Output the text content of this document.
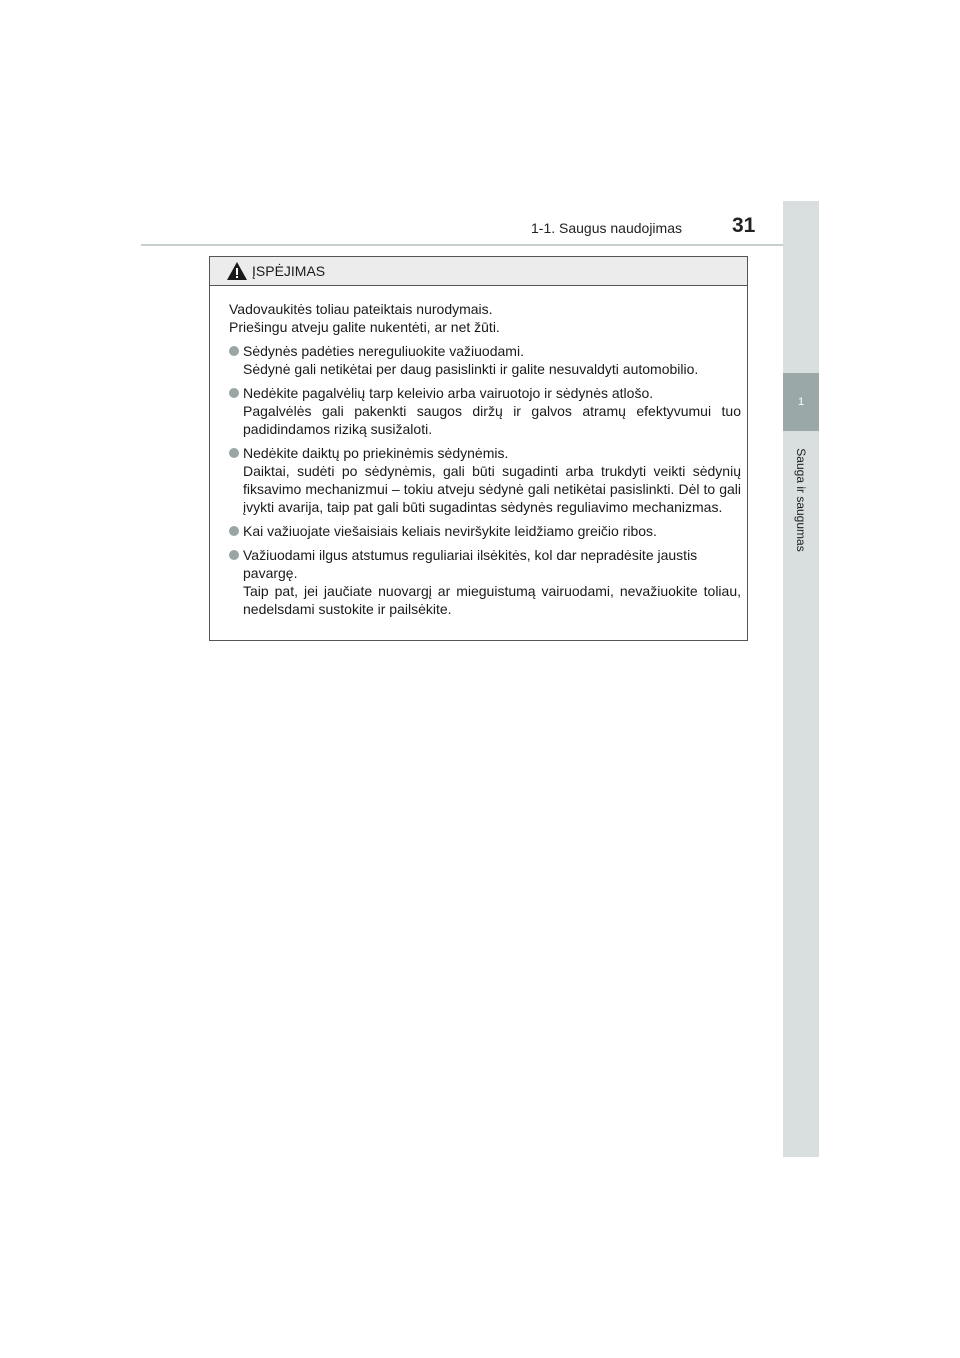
1-1. Saugus naudojimas 31
1
Sauga ir saugumas
ĮSPĖJIMAS

Vadovaukitės toliau pateiktais nurodymais.

Priešingu atveju galite nukentėti, ar net žūti.

Sėdynės padėties nereguliuokite važiuodami.

Sėdynė gali netikėtai per daug pasislinkti ir galite nesuvaldyti automobilio.

Nedėkite pagalvėlių tarp keleivio arba vairuotojo ir sėdynės atlošo.

Pagalvėlės gali pakenkti saugos diržų ir galvos atramų efektyvumui tuo padidindamos riziką susižaloti.

Nedėkite daiktų po priekinėmis sėdynėmis.

Daiktai, sudėti po sėdynėmis, gali būti sugadinti arba trukdyti veikti sėdynių fiksavimo mechanizmui – tokiu atveju sėdynė gali netikėtai pasislinkti. Dėl to gali įvykti avarija, taip pat gali būti sugadintas sėdynės reguliavimo mechanizmas.

Kai važiuojate viešaisiais keliais neviršykite leidžiamo greičio ribos.

Važiuodami ilgus atstumus reguliariai ilsėkitės, kol dar nepradėsite jaustis pavargę.

Taip pat, jei jaučiate nuovargį ar mieguistumą vairuodami, nevažiuokite toliau, nedelsdami sustokite ir pailsėkite.
